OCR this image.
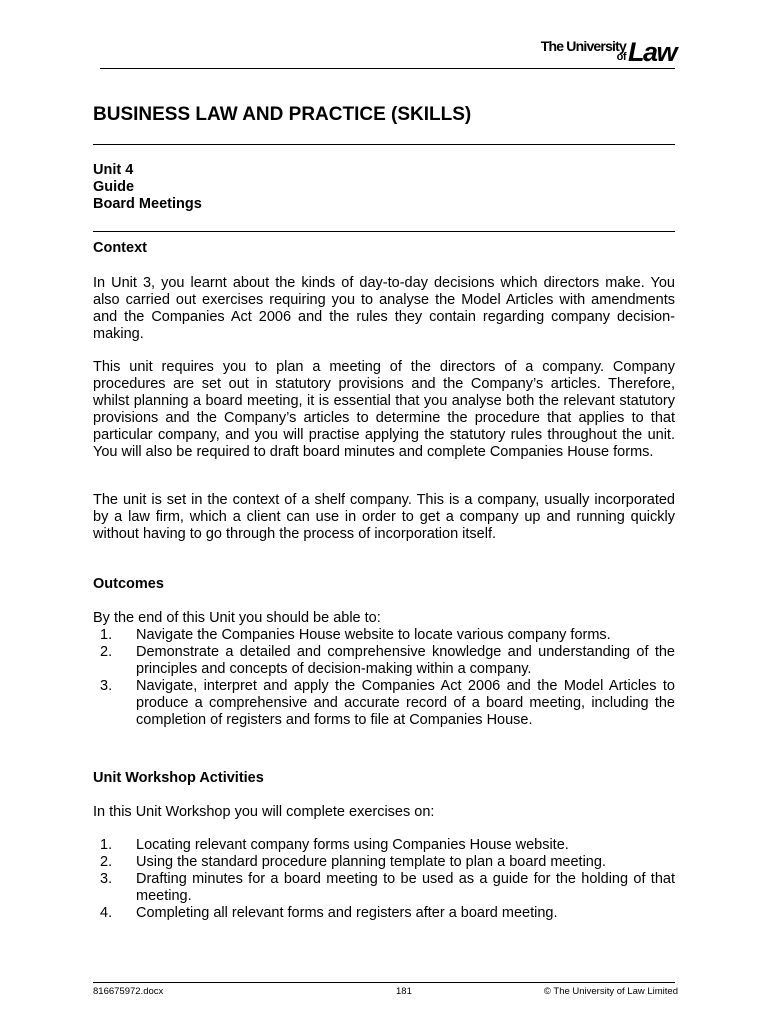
The University
of Law
BUSINESS LAW AND PRACTICE (SKILLS)
Unit 4
Guide
Board Meetings
Context

In Unit 3, you learnt about the kinds of day-to-day decisions which directors make. You also carried out exercises requiring you to analyse the Model Articles with amendments and the Companies Act 2006 and the rules they contain regarding company decision-making.

This unit requires you to plan a meeting of the directors of a company. Company procedures are set out in statutory provisions and the Company’s articles. Therefore, whilst planning a board meeting, it is essential that you analyse both the relevant statutory provisions and the Company’s articles to determine the procedure that applies to that particular company, and you will practise applying the statutory rules throughout the unit. You will also be required to draft board minutes and complete Companies House forms.

The unit is set in the context of a shelf company. This is a company, usually incorporated by a law firm, which a client can use in order to get a company up and running quickly without having to go through the process of incorporation itself.

Outcomes

By the end of this Unit you should be able to:

1.	Navigate the Companies House website to locate various company forms.
2.	Demonstrate a detailed and comprehensive knowledge and understanding of the principles and concepts of decision-making within a company.
3.	Navigate, interpret and apply the Companies Act 2006 and the Model Articles to produce a comprehensive and accurate record of a board meeting, including the completion of registers and forms to file at Companies House.
Unit Workshop Activities

In this Unit Workshop you will complete exercises on:

1.	Locating relevant company forms using Companies House website.
2.	Using the standard procedure planning template to plan a board meeting.
3.	Drafting minutes for a board meeting to be used as a guide for the holding of that meeting.
4.	Completing all relevant forms and registers after a board meeting.
816675972.docx	181	© The University of Law Limited
